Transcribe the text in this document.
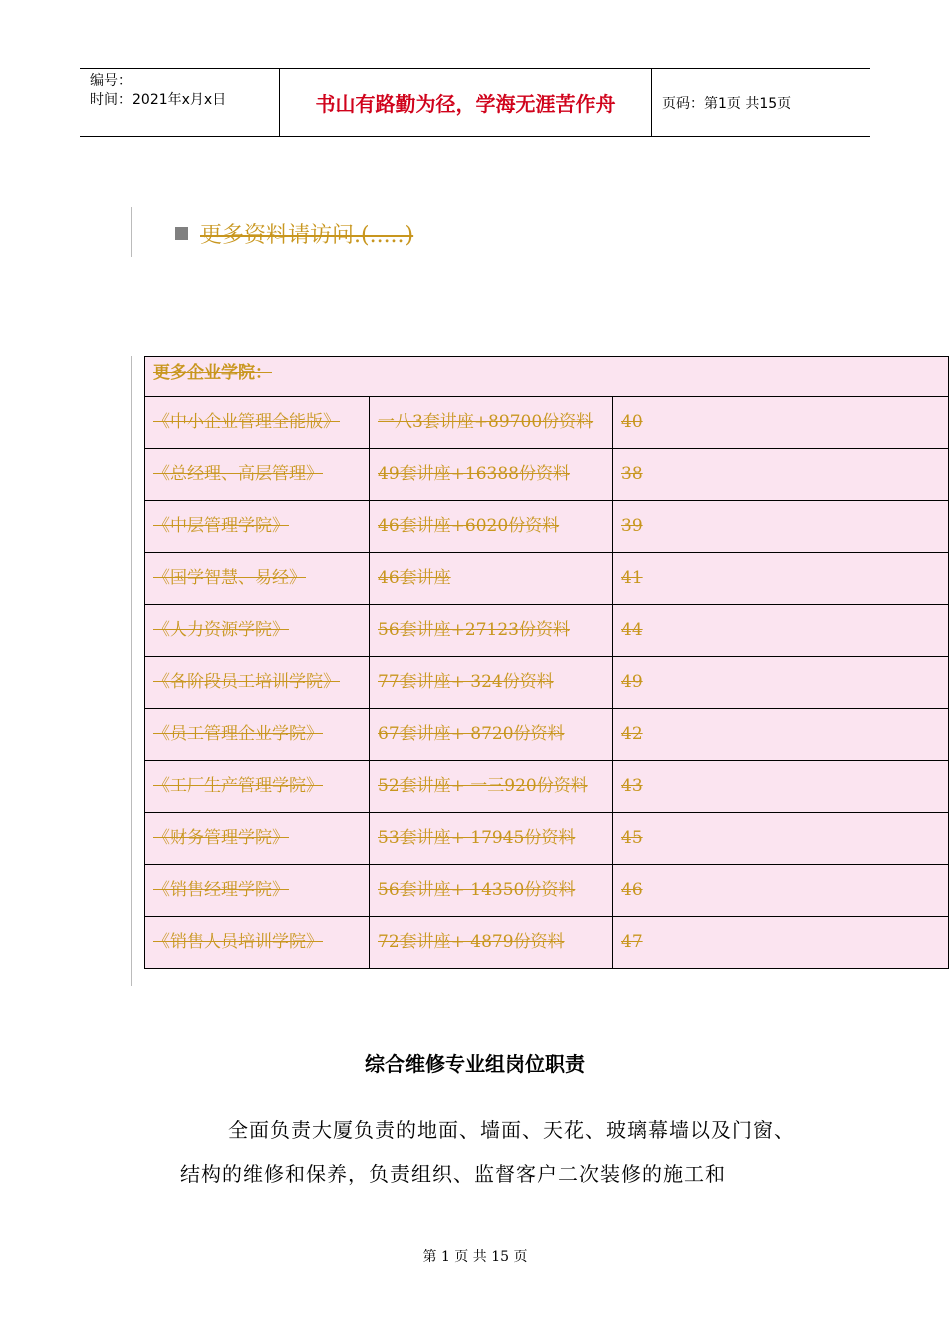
编号：
时间：2021年x月x日	书山有路勤为径，学海无涯苦作舟	页码：第1页 共15页
更多资料请访问.(.....)
更多企业学院：		
《中小企业管理全能版》	一八3套讲座+89700份资料	40
《总经理、高层管理》	49套讲座+16388份资料	38
《中层管理学院》	46套讲座+6020份资料	39
《国学智慧、易经》	46套讲座	41
《人力资源学院》	56套讲座+27123份资料	44
《各阶段员工培训学院》	77套讲座+ 324份资料	49
《员工管理企业学院》	67套讲座+ 8720份资料	42
《工厂生产管理学院》	52套讲座+ 一三920份资料	43
《财务管理学院》	53套讲座+ 17945份资料	45
《销售经理学院》	56套讲座+ 14350份资料	46
《销售人员培训学院》	72套讲座+ 4879份资料	47
综合维修专业组岗位职责
全面负责大厦负责的地面、墙面、天花、玻璃幕墙以及门窗、结构的维修和保养，负责组织、监督客户二次装修的施工和
第 1 页 共 15 页
